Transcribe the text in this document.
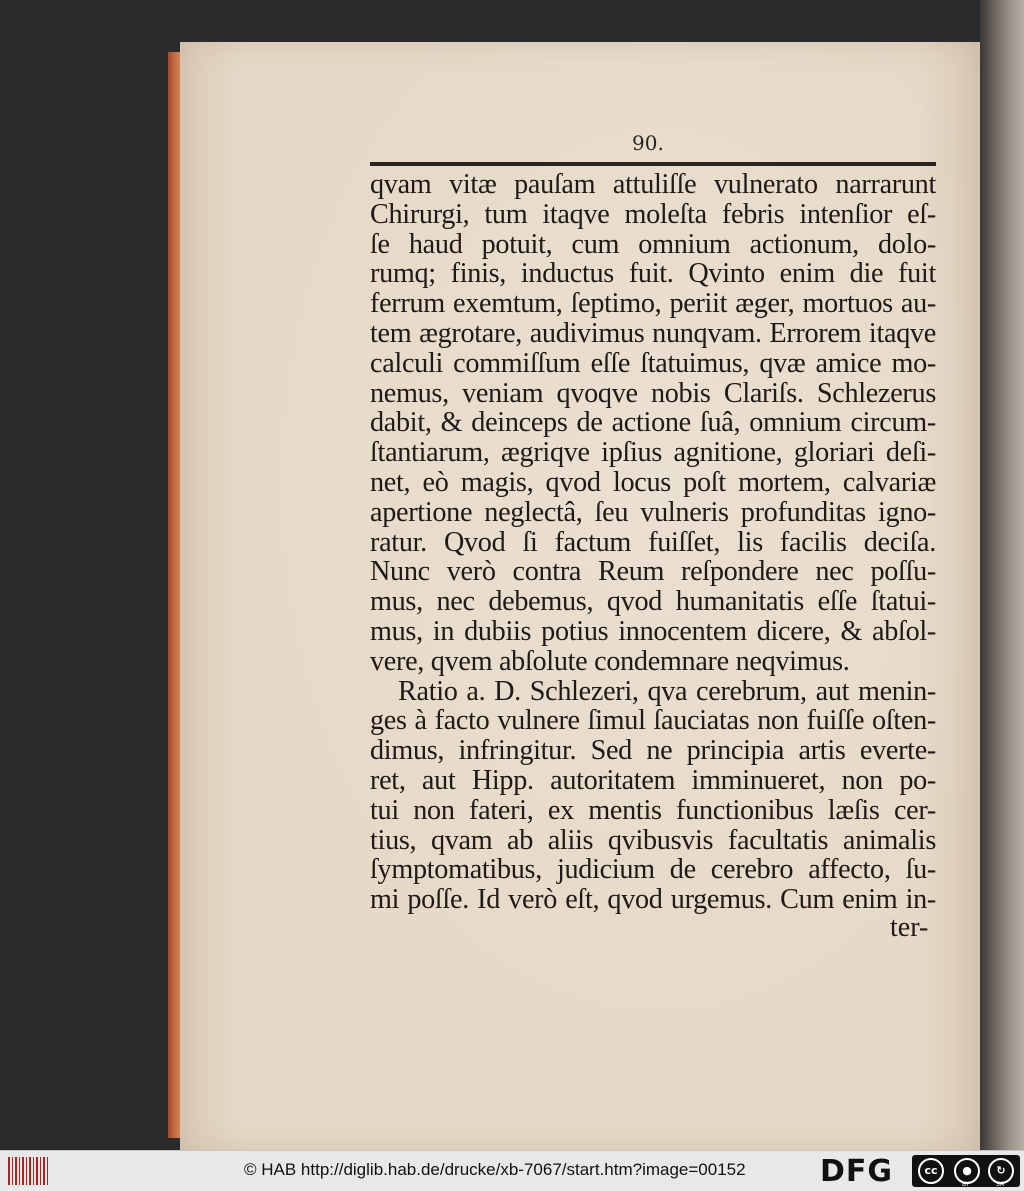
90.
qvam vitæ pauſam attuliſſe vulnerato narrarunt
Chirurgi, tum itaqve moleſta febris intenſior eſ-
ſe haud potuit, cum omnium actionum, dolo-
rumq; finis, inductus fuit. Qvinto enim die fuit
ferrum exemtum, ſeptimo, periit æger, mortuos au-
tem ægrotare, audivimus nunqvam. Errorem itaqve
calculi commiſſum eſſe ſtatuimus, qvæ amice mo-
nemus, veniam qvoqve nobis Clariſs. Schlezerus
dabit, & deinceps de actione ſuâ, omnium circum-
ſtantiarum, ægriqve ipſius agnitione, gloriari deſi-
net, eò magis, qvod locus poſt mortem, calvariæ
apertione neglectâ, ſeu vulneris profunditas igno-
ratur. Qvod ſi factum fuiſſet, lis facilis deciſa.
Nunc verò contra Reum reſpondere nec poſſu-
mus, nec debemus, qvod humanitatis eſſe ſtatui-
mus, in dubiis potius innocentem dicere, & abſol-
vere, qvem abſolute condemnare neqvimus.
Ratio a. D. Schlezeri, qva cerebrum, aut menin-
ges à facto vulnere ſimul ſauciatas non fuiſſe oſten-
dimus, infringitur. Sed ne principia artis everte-
ret, aut Hipp. autoritatem imminueret, non po-
tui non fateri, ex mentis functionibus læſis cer-
tius, qvam ab aliis qvibusvis facultatis animalis
ſymptomatibus, judicium de cerebro affecto, ſu-
mi poſſe. Id verò eſt, qvod urgemus. Cum enim in-
ter-
© HAB http://diglib.hab.de/drucke/xb-7067/start.htm?image=00152 DFG	cc	●	↻
BY	SA
